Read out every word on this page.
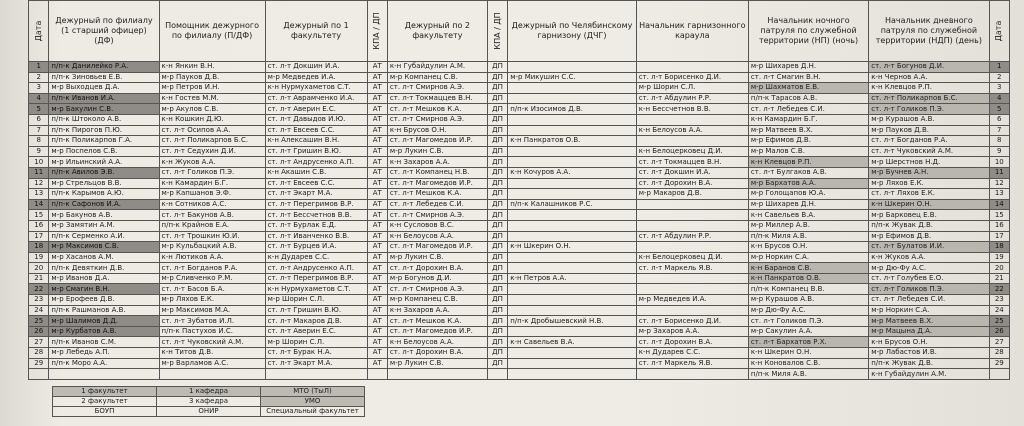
Дата	Дежурный по филиалу (1 старший офицер) (ДФ)	Помощник дежурного по филиалу (П/ДФ)	Дежурный по 1 факультету	КПА / ДП	Дежурный по 2 факультету	КПА / ДП	Дежурный по Челябинскому гарнизону (ДЧГ)	Начальник гарнизонного караула	Начальник ночного патруля по служебной территории (НП) (ночь)	Начальник дневного патруля по служебной территории (НДП) (день)	Дата

1	п/п-к Данилейко Р.А.	к-н Янкин В.Н.	ст. л-т Докшин И.А.	АТ	к-н Губайдулин А.М.	ДП			м-р Шихарев Д.Н.	ст. л-т Богунов Д.И.	1
2	п/п-к Зиновьев Е.В.	м-р Пауков Д.В.	м-р Медведев И.А.	АТ	м-р Компанец С.В.	ДП	м-р Микушин С.С.	ст. л-т Борисенко Д.И.	ст. л-т Смагин В.Н.	к-н Чернов А.А.	2
3	м-р Выходцев Д.А.	м-р Петров И.Н.	к-н Нурмухаметов С.Т.	АТ	ст. л-т Смирнов А.Э.	ДП		м-р Шорин С.Л.	м-р Шахматов Е.В.	к-н Клевцов Р.П.	3
4	п/п-к Иванов И.А.	к-н Гостев М.М.	ст. л-т Аврамченко И.А.	АТ	ст. л-т Токмаццев В.Н.	ДП		ст. л-т Абдулин Р.Р.	п/п-к Тарасов А.В.	ст. л-т Поликарпов Б.С.	4
5	м-р Бакулин С.В.	м-р Акулов С.В.	ст. л-т Аверин Е.С.	АТ	ст. л-т Мешков К.А.	ДП	п/п-к Изосимов Д.В.	к-н Бессчетнов В.В.	ст. л-т Лебедев С.И.	ст. л-т Голиков П.Э.	5
6	п/п-к Штоколо А.В.	к-н Кошкин Д.Ю.	ст. л-т Давыдов И.Ю.	АТ	ст. л-т Смирнов А.Э.	ДП			к-н Камардин Б.Г.	м-р Курашов А.В.	6
7	п/п-к Пирогов П.Ю.	ст. л-т Осипов А.А.	ст. л-т Евсеев С.С.	АТ	к-н Брусов О.Н.	ДП		к-н Белоусов А.А.	м-р Матвеев В.Х.	м-р Пауков Д.В.	7
8	п/п-к Поликарпов Г.А.	ст. л-т Поликарпов Б.С.	к-н Алексашин В.Н.	АТ	ст. л-т Магомедов И.Р.	ДП	к-н Панкратов О.В.		м-р Ефимов Д.В.	ст. л-т Богданов Р.А.	8
9	м-р Поспелов С.В.	ст. л-т Седухин Д.И.	ст. л-т Гришин В.Ю.	АТ	м-р Лукин С.В.	ДП		к-н Белоцерковец Д.И.	м-р Малов С.В.	ст. л-т Чуковский А.М.	9
10	м-р Ильинский А.А.	к-н Жуков А.А.	ст. л-т Андрусенко А.П.	АТ	к-н Захаров А.А.	ДП		ст. л-т Токмаццев В.Н.	к-н Клевцов Р.П.	м-р Шерстнов Н.Д.	10
11	п/п-к Авилов Э.В.	ст. л-т Голиков П.Э.	к-н Акашин С.В.	АТ	ст. л-т Компанец Н.В.	ДП	к-н Кочуров А.А.	ст. л-т Докшин И.А.	ст. л-т Булгаков А.В.	м-р Бучнев А.Н.	11
12	м-р Стрельцов В.В.	к-н Камардин Б.Г.	ст. л-т Евсеев С.С.	АТ	ст. л-т Магомедов И.Р.	ДП		ст. л-т Дорохин В.А.	м-р Бархатов А.А.	м-р Ляхов Е.К.	12
13	п/п-к Карымов А.Ю.	м-р Капшанов Э.Ф.	ст. л-т Экарт М.А.	АТ	ст. л-т Мешков К.А.	ДП		м-р Макаров Д.В.	м-р Голощапов Ю.А.	ст. л-т Ляхов Е.К.	13
14	п/п-к Сафонов И.А.	к-н Сотников А.С.	ст. л-т Перегримов В.Р.	АТ	ст. л-т Лебедев С.И.	ДП	п/п-к Калашников Р.С.		м-р Шихарев Д.Н.	к-н Шкерин О.Н.	14
15	м-р Бакунов А.В.	ст. л-т Бакунов А.В.	ст. л-т Бессчетнов В.В.	АТ	ст. л-т Смирнов А.Э.	ДП			к-н Савельев В.А.	м-р Барковец Е.В.	15
16	м-р Замятин А.М.	п/п-к Крайнов Е.А.	ст. л-т Бурлак Е.Д.	АТ	к-н Сусловов В.С.	ДП			м-р Миллер А.В.	п/п-к Жувак Д.В.	16
17	п/п-к Серменко А.И.	ст. л-т Трошкин Ю.И.	ст. л-т Иванченко В.В.	АТ	к-н Белоусов А.А.	ДП		ст. л-т Абдулин Р.Р.	п/п-к Миля А.В.	м-р Ефимов Д.В.	17
18	м-р Максимов С.В.	м-р Кульбацкий А.В.	ст. л-т Бурцев И.А.	АТ	ст. л-т Магомедов И.Р.	ДП	к-н Шкерин О.Н.		к-н Брусов О.Н.	ст. л-т Булатов И.И.	18
19	м-р Хасанов А.М.	к-н Лютиков А.А.	к-н Дударев С.С.	АТ	м-р Лукин С.В.	ДП		к-н Белоцерковец Д.И.	м-р Норкин С.А.	к-н Жуков А.А.	19
20	п/п-к Девяткин Д.В.	ст. л-т Богданов Р.А.	ст. л-т Андрусенко А.П.	АТ	ст. л-т Дорохин В.А.	ДП		ст. л-т Маркель Я.В.	к-н Баранов С.В.	м-р Дю-Фу А.С.	20
21	м-р Иванов Д.А.	м-р Сливченко Р.М.	ст. л-т Перегримов В.Р.	АТ	м-р Богунов Д.И.	ДП	к-н Петров А.А.		к-н Панкратов О.В.	ст. л-т Голубев Е.О.	21
22	м-р Смагин В.Н.	ст. л-т Басов Б.А.	к-н Нурмухаметов С.Т.	АТ	ст. л-т Смирнов А.Э.	ДП			п/п-к Компанец В.В.	ст. л-т Голиков П.Э.	22
23	м-р Ерофеев Д.В.	м-р Ляхов Е.К.	м-р Шорин С.Л.	АТ	м-р Компанец С.В.	ДП		м-р Медведев И.А.	м-р Курашов А.В.	ст. л-т Лебедев С.И.	23
24	п/п-к Рашманов А.В.	м-р Максимов М.А.	ст. л-т Гришин В.Ю.	АТ	к-н Захаров А.А.	ДП			м-р Дю-Фу А.С.	м-р Норкин С.А.	24
25	м-р Шалимов Д.Д.	ст. л-т Зубатов И.Л.	ст. л-т Макаров Д.В.	АТ	ст. л-т Мешков К.А.	ДП	п/п-к Дробышевский Н.В.	ст. л-т Борисенко Д.И.	ст. л-т Голиков П.Э.	м-р Матвеев В.Х.	25
26	м-р Курбатов А.В.	п/п-к Пастухов И.С.	ст. л-т Аверин Е.С.	АТ	ст. л-т Магомедов И.Р.	ДП		м-р Захаров А.А.	м-р Сакулин А.А.	м-р Мацына Д.А.	26
27	п/п-к Иванов С.М.	ст. л-т Чуковский А.М.	м-р Шорин С.Л.	АТ	к-н Белоусов А.А.	ДП	к-н Савельев В.А.	ст. л-т Дорохин В.А.	ст. л-т Бархатов Р.Х.	к-н Брусов О.Н.	27
28	м-р Лебедь А.П.	к-н Титов Д.В.	ст. л-т Бурак Н.А.	АТ	ст. л-т Дорохин В.А.	ДП		к-н Дударев С.С.	к-н Шкерин О.Н.	м-р Лабастов И.В.	28
29	п/п-к Моро А.А.	м-р Варламов А.С.	ст. л-т Экарт М.А.	АТ	м-р Лукин С.В.	ДП		ст. л-т Маркель Я.В.	к-н Коновалов С.В.	п/п-к Жувак Д.В.	29
									п/п-к Миля А.В.	к-н Губайдулин А.М.	
1 факультет	1 кафедра	МТО (ТыЛ)
2 факультет	3 кафедра	УМО
БОУП	ОНИР	Специальный факультет
